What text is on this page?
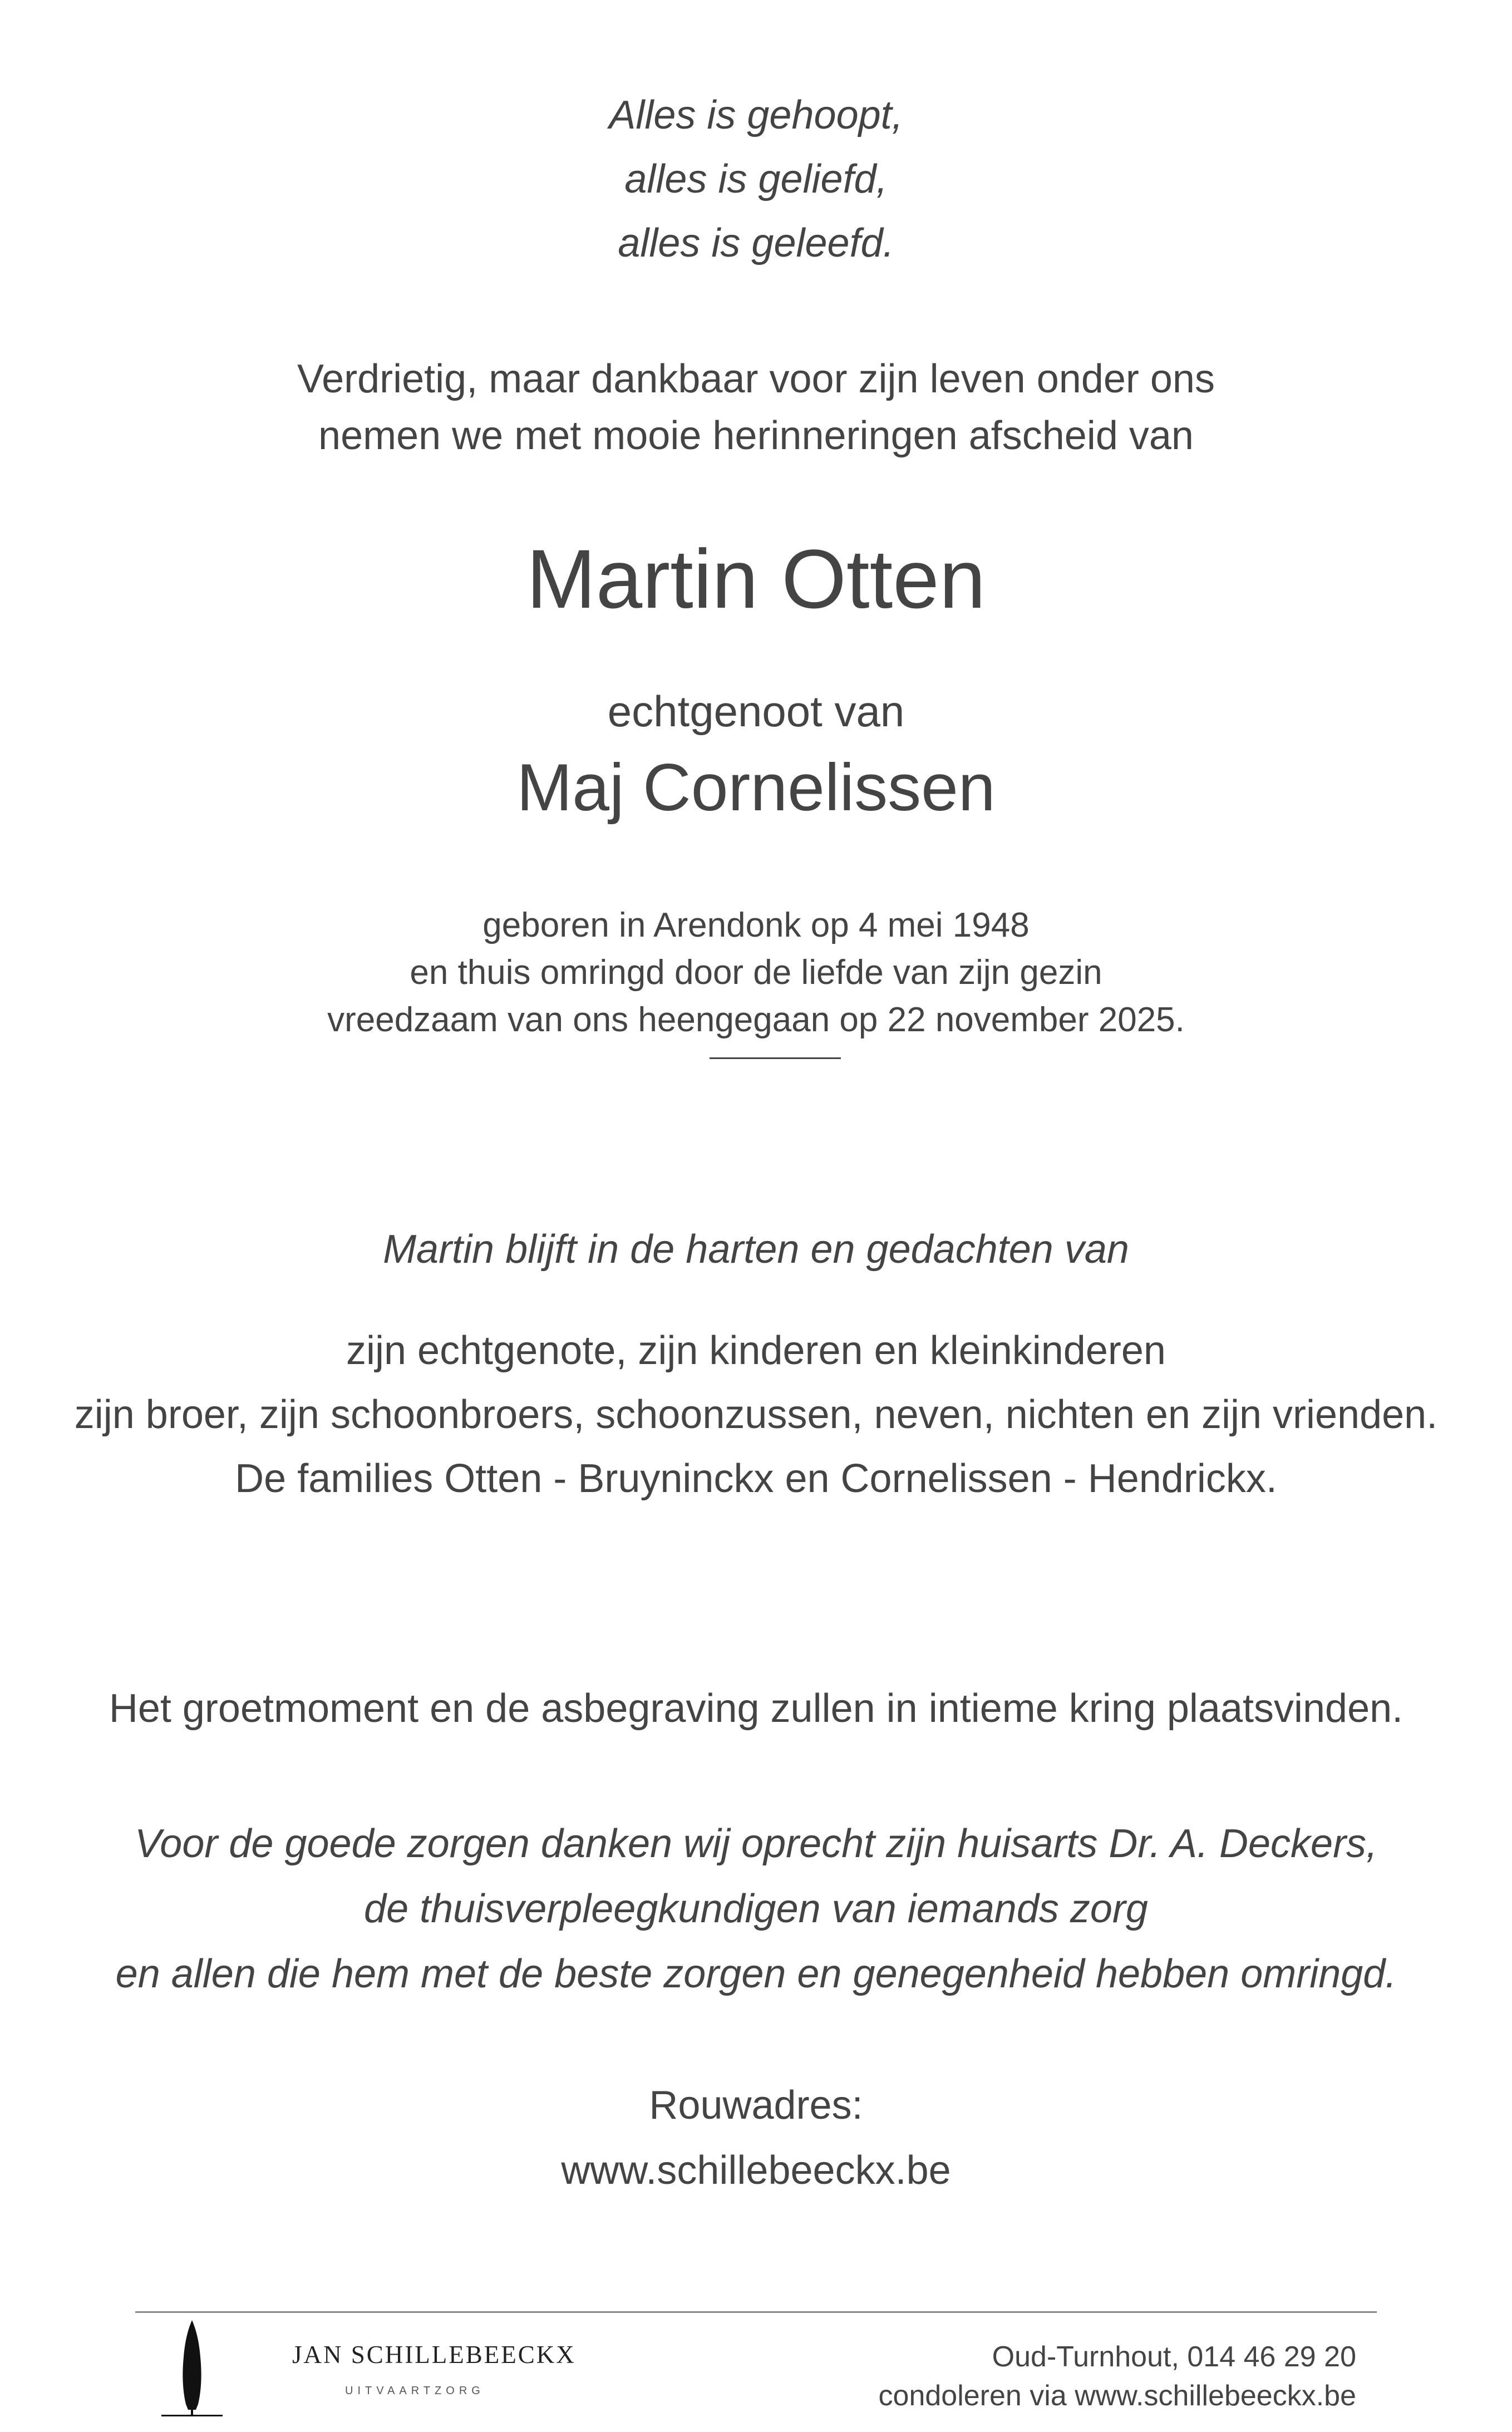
Alles is gehoopt,
alles is geliefd,
alles is geleefd.
Verdrietig, maar dankbaar voor zijn leven onder ons
nemen we met mooie herinneringen afscheid van
Martin Otten
echtgenoot van
Maj Cornelissen
geboren in Arendonk op 4 mei 1948
en thuis omringd door de liefde van zijn gezin
vreedzaam van ons heengegaan op 22 november 2025.
Martin blijft in de harten en gedachten van
zijn echtgenote, zijn kinderen en kleinkinderen
zijn broer, zijn schoonbroers, schoonzussen, neven, nichten en zijn vrienden.
De families Otten - Bruyninckx en Cornelissen - Hendrickx.
Het groetmoment en de asbegraving zullen in intieme kring plaatsvinden.
Voor de goede zorgen danken wij oprecht zijn huisarts Dr. A. Deckers,
de thuisverpleegkundigen van iemands zorg
en allen die hem met de beste zorgen en genegenheid hebben omringd.
Rouwadres:
www.schillebeeckx.be
JAN SCHILLEBEECKX
UITVAARTZORG
Oud-Turnhout, 014 46 29 20
condoleren via www.schillebeeckx.be
